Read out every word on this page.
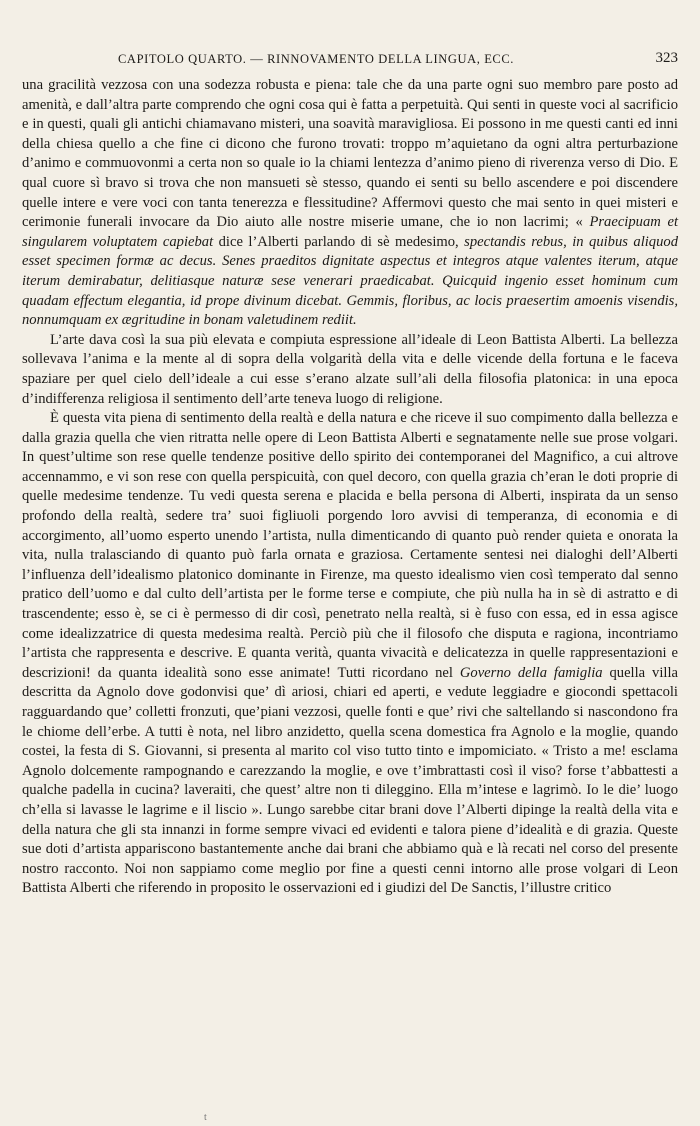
CAPITOLO QUARTO. — RINNOVAMENTO DELLA LINGUA, ECC.	323

una gracilità vezzosa con una sodezza robusta e piena: tale che da una parte ogni suo membro pare posto ad amenità, e dall’altra parte comprendo che ogni cosa qui è fatta a perpetuità. Qui senti in queste voci al sacrificio e in questi, quali gli antichi chiamavano misteri, una soavità maravigliosa. Ei possono in me questi canti ed inni della chiesa quello a che fine ci dicono che furono trovati: troppo m’aquietano da ogni altra perturbazione d’animo e commuovonmi a certa non so quale io la chiami lentezza d’animo pieno di riverenza verso di Dio. E qual cuore sì bravo si trova che non mansueti sè stesso, quando ei senti su bello ascendere e poi discendere quelle intere e vere voci con tanta tenerezza e flessitudine? Affermovi questo che mai sento in quei misteri e cerimonie funerali invocare da Dio aiuto alle nostre miserie umane, che io non lacrimi; « Praecipuam et singularem voluptatem capiebat dice l’Alberti parlando di sè medesimo, spectandis rebus, in quibus aliquod esset specimen formæ ac decus. Senes praeditos dignitate aspectus et integros atque valentes iterum, atque iterum demirabatur, delitiasque naturæ sese venerari praedicabat. Quicquid ingenio esset hominum cum quadam effectum elegantia, id prope divinum dicebat. Gemmis, floribus, ac locis praesertim amoenis visendis, nonnumquam ex ægritudine in bonam valetudinem rediit.

L’arte dava così la sua più elevata e compiuta espressione all’ideale di Leon Battista Alberti. La bellezza sollevava l’anima e la mente al di sopra della volgarità della vita e delle vicende della fortuna e le faceva spaziare per quel cielo dell’ideale a cui esse s’erano alzate sull’ali della filosofia platonica: in una epoca d’indifferenza religiosa il sentimento dell’arte teneva luogo di religione.

È questa vita piena di sentimento della realtà e della natura e che riceve il suo compimento dalla bellezza e dalla grazia quella che vien ritratta nelle opere di Leon Battista Alberti e segnatamente nelle sue prose volgari. In quest’ultime son rese quelle tendenze positive dello spirito dei contemporanei del Magnifico, a cui altrove accennammo, e vi son rese con quella perspicuità, con quel decoro, con quella grazia ch’eran le doti proprie di quelle medesime tendenze. Tu vedi questa serena e placida e bella persona di Alberti, inspirata da un senso profondo della realtà, sedere tra’ suoi figliuoli porgendo loro avvisi di temperanza, di economia e di accorgimento, all’uomo esperto unendo l’artista, nulla dimenticando di quanto può render quieta e onorata la vita, nulla tralasciando di quanto può farla ornata e graziosa. Certamente sentesi nei dialoghi dell’Alberti l’influenza dell’idealismo platonico dominante in Firenze, ma questo idealismo vien così temperato dal senno pratico dell’uomo e dal culto dell’artista per le forme terse e compiute, che più nulla ha in sè di astratto e di trascendente; esso è, se ci è permesso di dir così, penetrato nella realtà, si è fuso con essa, ed in essa agisce come idealizzatrice di questa medesima realtà. Perciò più che il filosofo che disputa e ragiona, incontriamo l’artista che rappresenta e descrive. E quanta verità, quanta vivacità e delicatezza in quelle rappresentazioni e descrizioni! da quanta idealità sono esse animate! Tutti ricordano nel Governo della famiglia quella villa descritta da Agnolo dove godonvisi que’ dì ariosi, chiari ed aperti, e vedute leggiadre e giocondi spettacoli ragguardando que’ colletti fronzuti, que’piani vezzosi, quelle fonti e que’ rivi che saltellando si nascondono fra le chiome dell’erbe. A tutti è nota, nel libro anzidetto, quella scena domestica fra Agnolo e la moglie, quando costei, la festa di S. Giovanni, si presenta al marito col viso tutto tinto e impomiciato. « Tristo a me! esclama Agnolo dolcemente rampognando e carezzando la moglie, e ove t’imbrattasti così il viso? forse t’abbattesti a qualche padella in cucina? laveraiti, che quest’ altre non ti dileggino. Ella m’intese e lagrimò. Io le die’ luogo ch’ella si lavasse le lagrime e il liscio ». Lungo sarebbe citar brani dove l’Alberti dipinge la realtà della vita e della natura che gli sta innanzi in forme sempre vivaci ed evidenti e talora piene d’idealità e di grazia. Queste sue doti d’artista appariscono bastantemente anche dai brani che abbiamo quà e là recati nel corso del presente nostro racconto. Noi non sappiamo come meglio por fine a questi cenni intorno alle prose volgari di Leon Battista Alberti che riferendo in proposito le osservazioni ed i giudizi del De Sanctis, l’illustre critico

t
